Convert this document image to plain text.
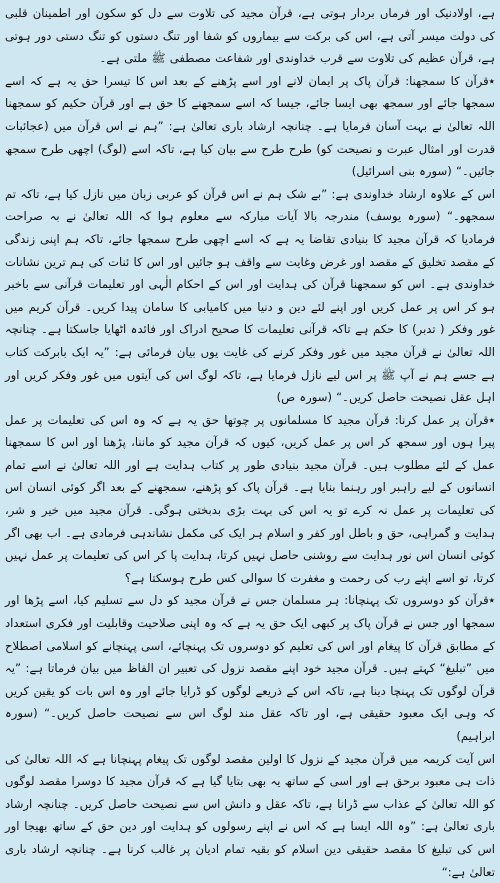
ہے، اولادنیک اور فرماں بردار ہوتی ہے، قرآن مجید کی تلاوت سے دل کو سکون اور اطمینان قلبی کی دولت میسر آتی ہے، اس کی برکت سے بیماروں کو شفا اور تنگ دستوں کو تنگ دستی دور ہوتی ہے، قرآن عظیم کی تلاوت سے قرب خداوندی اور شفاعت مصطفی ﷺ ملتی ہے۔

٭قرآن کا سمجھنا: قرآن پاک پر ایمان لانے اور اسے پڑھنے کے بعد اس کا تیسرا حق یہ ہے کہ اسے سمجھا جائے اور سمجھ بھی ایسا جائے، جیسا کہ اسے سمجھنے کا حق ہے اور قرآن حکیم کو سمجھنا اللہ تعالیٰ نے بہت آسان فرمایا ہے۔ چنانچہ ارشاد باری تعالیٰ ہے: ”ہم نے اس قرآن میں (عجائبات قدرت اور امثال عبرت و نصیحت کو) طرح طرح سے بیان کیا ہے، تاکہ اسے (لوگ) اچھی طرح سمجھ جائیں۔“ (سورہ بنی اسرائیل)

اس کے علاوہ ارشاد خداوندی ہے: ”بے شک ہم نے اس قرآن کو عربی زبان میں نازل کیا ہے، تاکہ تم سمجھو۔“ (سورہ یوسف) مندرجہ بالا آیات مبارکہ سے معلوم ہوا کہ اللہ تعالیٰ نے بہ صراحت فرمادیا کہ قرآن مجید کا بنیادی تقاضا یہ ہے کہ اسے اچھی طرح سمجھا جائے، تاکہ ہم اپنی زندگی کے مقصد تخلیق کے مقصد اور غرض وغایت سے واقف ہو جائیں اور اس کا ئنات کی ہم ترین نشانات خداوندی ہے۔ اس کو سمجھنا قرآن کی ہدایت اور اس کے احکام الٰہی اور تعلیمات قرآنی سے باخبر ہو کر اس پر عمل کریں اور اپنے لئے دین و دنیا میں کامیابی کا سامان پیدا کریں۔ قرآن کریم میں غور وفکر ( تدبر) کا حکم ہے تاکہ قرآنی تعلیمات کا صحیح ادراک اور فائدہ اٹھایا جاسکتا ہے۔ چنانچہ اللہ تعالیٰ نے قرآن مجید میں غور وفکر کرنے کی غایت یوں بیان فرمائی ہے: ”یہ ایک بابرکت کتاب ہے جسے ہم نے آپ ﷺ پر اس لیے نازل فرمایا ہے، تاکہ لوگ اس کی آیتوں میں غور وفکر کریں اور اہل عقل نصیحت حاصل کریں۔“ (سورہ ص)

٭قرآن پر عمل کرنا: قرآن مجید کا مسلمانوں پر چوتھا حق یہ ہے کہ وہ اس کی تعلیمات پر عمل پیرا ہوں اور سمجھ کر اس پر عمل کریں، کیوں کہ قرآن مجید کو ماننا، پڑھنا اور اس کا سمجھنا عمل کے لئے مطلوب ہیں۔ قرآن مجید بنیادی طور پر کتاب ہدایت ہے اور اللہ تعالیٰ نے اسے تمام انسانوں کے لیے راہبر اور رہنما بنایا ہے۔ قرآن پاک کو پڑھنے، سمجھنے کے بعد اگر کوئی انسان اس کی تعلیمات پر عمل نہ کرے تو یہ اس کی بہت بڑی بدبختی ہوگی۔ قرآن مجید میں خیر و شر، ہدایت و گمراہی، حق و باطل اور کفر و اسلام ہر ایک کی مکمل نشاندہی فرمادی ہے۔ اب بھی اگر کوئی انسان اس نور ہدایت سے روشنی حاصل نہیں کرتا، ہدایت پا کر اس کی تعلیمات پر عمل نہیں کرتا، تو اسے اپنے رب کی رحمت و مغفرت کا سوالی کس طرح ہوسکتا ہے؟

٭قرآن کو دوسروں تک پہنچانا: ہر مسلمان جس نے قرآن مجید کو دل سے تسلیم کیا، اسے پڑھا اور سمجھا اور جس نے قرآن پاک پر کبھی ایک حق یہ ہے کہ وہ اپنی صلاحیت وقابلیت اور فکری استعداد کے مطابق قرآن کا پیغام اور اس کی تعلیم کو دوسروں تک پہنچائے، اسی پہنچانے کو اسلامی اصطلاح میں ”تبلیغ“ کہتے ہیں۔ قرآن مجید خود اپنے مقصد نزول کی تعبیر ان الفاظ میں بیان فرماتا ہے: ”یہ قرآن لوگوں تک پہنچا دینا ہے، تاکہ اس کے ذریعے لوگوں کو ڈرایا جائے اور وہ اس بات کو یقین کریں کہ وہی ایک معبود حقیقی ہے، اور تاکہ عقل مند لوگ اس سے نصیحت حاصل کریں۔“ (سورہ ابراہیم)

اس آیت کریمہ میں قرآن مجید کے نزول کا اولین مقصد لوگوں تک پیغام پہنچانا ہے کہ اللہ تعالیٰ کی ذات ہی معبود برحق ہے اور اسی کے ساتھ یہ بھی بتایا گیا ہے کہ قرآن مجید کا دوسرا مقصد لوگوں کو اللہ تعالیٰ کے عذاب سے ڈرانا ہے، تاکہ عقل و دانش اس سے نصیحت حاصل کریں۔ چنانچہ ارشاد باری تعالیٰ ہے: ”وہ اللہ ایسا ہے کہ اس نے اپنے رسولوں کو ہدایت اور دین حق کے ساتھ بھیجا اور اس کی تبلیغ کا مقصد حقیقی دین اسلام کو بقیہ تمام ادیان پر غالب کرنا ہے۔ چنانچہ ارشاد باری تعالیٰ ہے:“
